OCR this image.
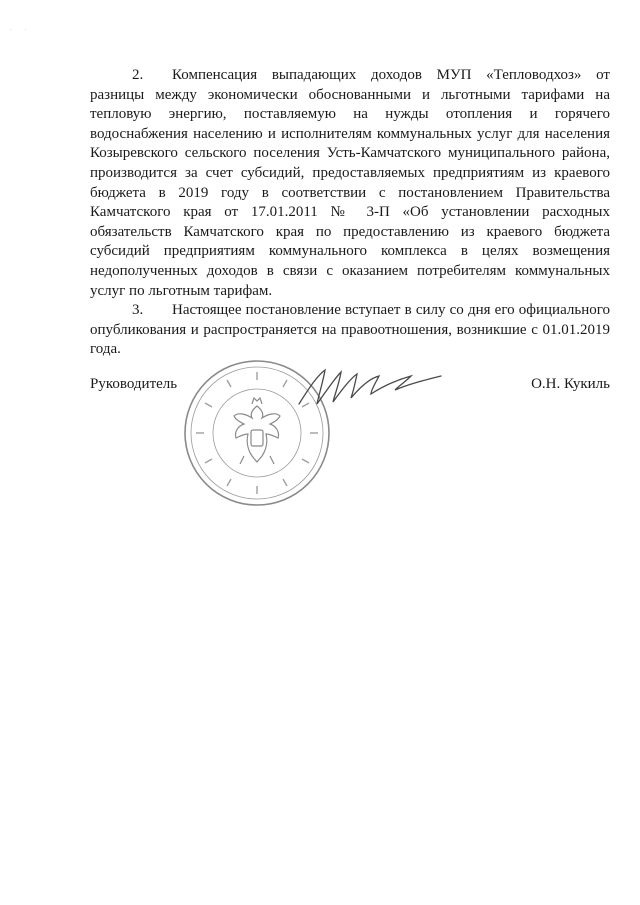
. .

2. Компенсация выпадающих доходов МУП «Тепловодхоз» от разницы между экономически обоснованными и льготными тарифами на тепловую энергию, поставляемую на нужды отопления и горячего водоснабжения населению и исполнителям коммунальных услуг для населения Козыревского сельского поселения Усть-Камчатского муниципального района, производится за счет субсидий, предоставляемых предприятиям из краевого бюджета в 2019 году в соответствии с постановлением Правительства Камчатского края от 17.01.2011 № 3-П «Об установлении расходных обязательств Камчатского края по предоставлению из краевого бюджета субсидий предприятиям коммунального комплекса в целях возмещения недополученных доходов в связи с оказанием потребителям коммунальных услуг по льготным тарифам.

3. Настоящее постановление вступает в силу со дня его официального опубликования и распространяется на правоотношения, возникшие с 01.01.2019 года.

Руководитель	О.Н. Кукиль
